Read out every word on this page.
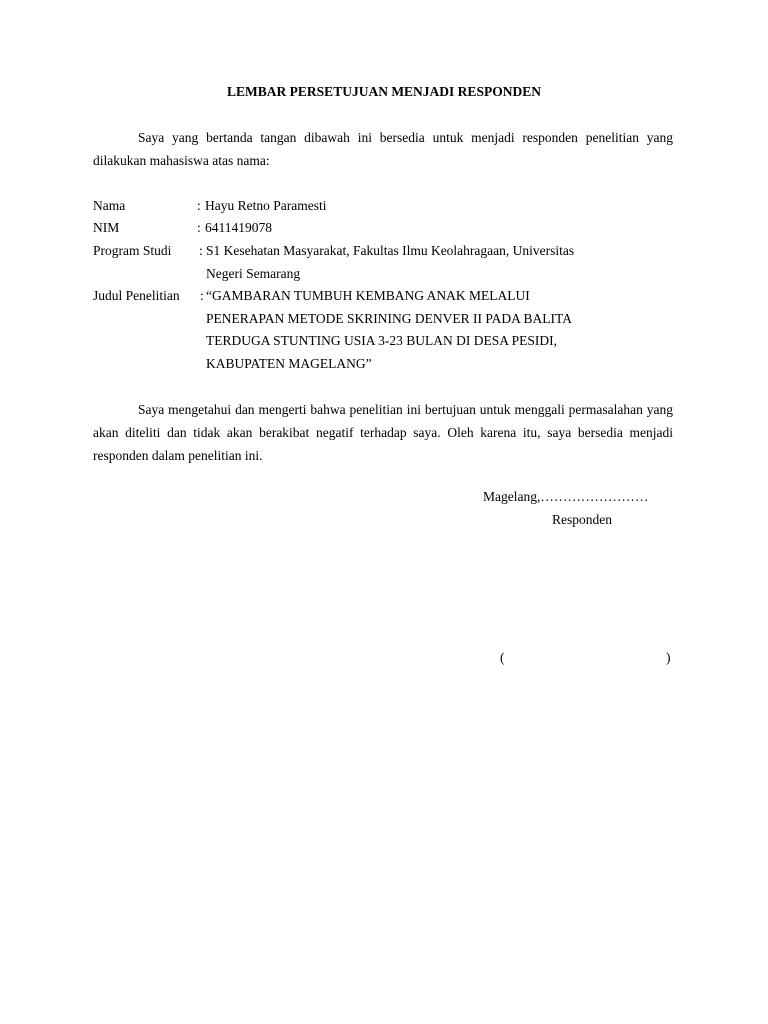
LEMBAR PERSETUJUAN MENJADI RESPONDEN
Saya yang bertanda tangan dibawah ini bersedia untuk menjadi responden penelitian yang dilakukan mahasiswa atas nama:
Nama	: Hayu Retno Paramesti
NIM	: 6411419078
Program Studi : S1 Kesehatan Masyarakat, Fakultas Ilmu Keolahragaan, Universitas
Negeri Semarang
Judul Penelitian : “GAMBARAN TUMBUH KEMBANG ANAK MELALUI
PENERAPAN METODE SKRINING DENVER II PADA BALITA
TERDUGA STUNTING USIA 3-23 BULAN DI DESA PESIDI,
KABUPATEN MAGELANG”
Saya mengetahui dan mengerti bahwa penelitian ini bertujuan untuk menggali permasalahan yang akan diteliti dan tidak akan berakibat negatif terhadap saya. Oleh karena itu, saya bersedia menjadi responden dalam penelitian ini.
Magelang,……………………
Responden
(	)
